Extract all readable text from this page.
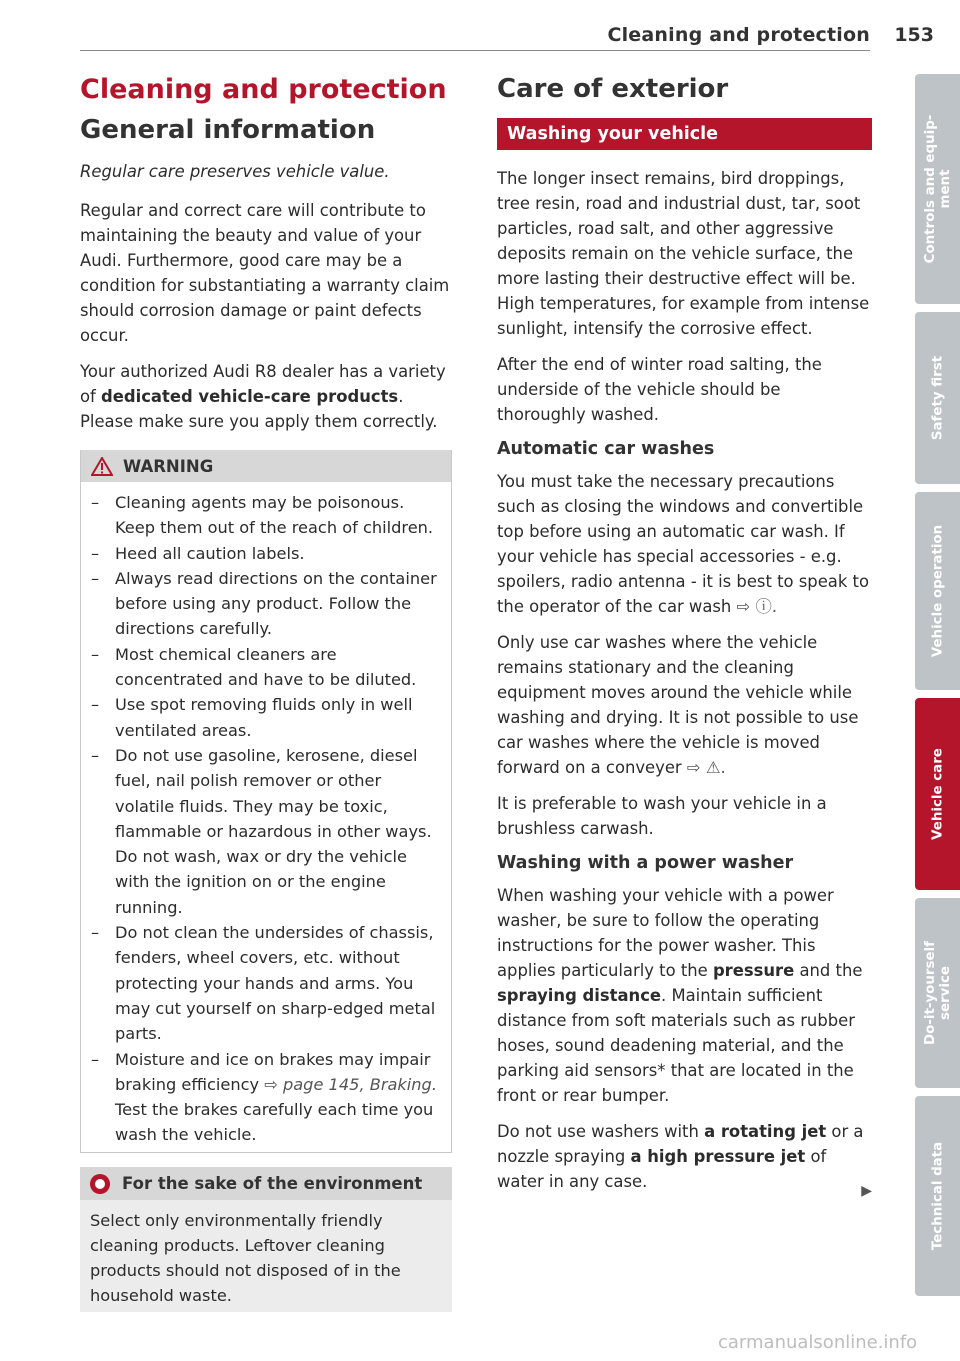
Cleaning and protection 153
Cleaning and protection
General information

Regular care preserves vehicle value.

Regular and correct care will contribute to maintaining the beauty and value of your Audi. Furthermore, good care may be a condition for substantiating a warranty claim should corrosion damage or paint defects occur.

Your authorized Audi R8 dealer has a variety of dedicated vehicle-care products. Please make sure you apply them correctly.

WARNING
– Cleaning agents may be poisonous. Keep them out of the reach of children.
– Heed all caution labels.
– Always read directions on the container before using any product. Follow the directions carefully.
– Most chemical cleaners are concentrated and have to be diluted.
– Use spot removing fluids only in well ventilated areas.
– Do not use gasoline, kerosene, diesel fuel, nail polish remover or other volatile fluids. They may be toxic, flammable or hazardous in other ways. Do not wash, wax or dry the vehicle with the ignition on or the engine running.
– Do not clean the undersides of chassis, fenders, wheel covers, etc. without protecting your hands and arms. You may cut yourself on sharp-edged metal parts.
– Moisture and ice on brakes may impair braking efficiency ⇨ page 145, Braking. Test the brakes carefully each time you wash the vehicle.
For the sake of the environment
Select only environmentally friendly cleaning products. Leftover cleaning products should not disposed of in the household waste.
Care of exterior
Washing your vehicle

The longer insect remains, bird droppings, tree resin, road and industrial dust, tar, soot particles, road salt, and other aggressive deposits remain on the vehicle surface, the more lasting their destructive effect will be. High temperatures, for example from intense sunlight, intensify the corrosive effect.

After the end of winter road salting, the underside of the vehicle should be thoroughly washed.

Automatic car washes

You must take the necessary precautions such as closing the windows and convertible top before using an automatic car wash. If your vehicle has special accessories - e.g. spoilers, radio antenna - it is best to speak to the operator of the car wash ⇨ ⓘ.

Only use car washes where the vehicle remains stationary and the cleaning equipment moves around the vehicle while washing and drying. It is not possible to use car washes where the vehicle is moved forward on a conveyer ⇨ ⚠.

It is preferable to wash your vehicle in a brushless carwash.

Washing with a power washer

When washing your vehicle with a power washer, be sure to follow the operating instructions for the power washer. This applies particularly to the pressure and the spraying distance. Maintain sufficient distance from soft materials such as rubber hoses, sound deadening material, and the parking aid sensors* that are located in the front or rear bumper.

Do not use washers with a rotating jet or a nozzle spraying a high pressure jet of water in any case.	▶
Controls and equip-
ment
Safety first
Vehicle operation
Vehicle care
Do-it-yourself
service
Technical data
carmanualsonline.info
